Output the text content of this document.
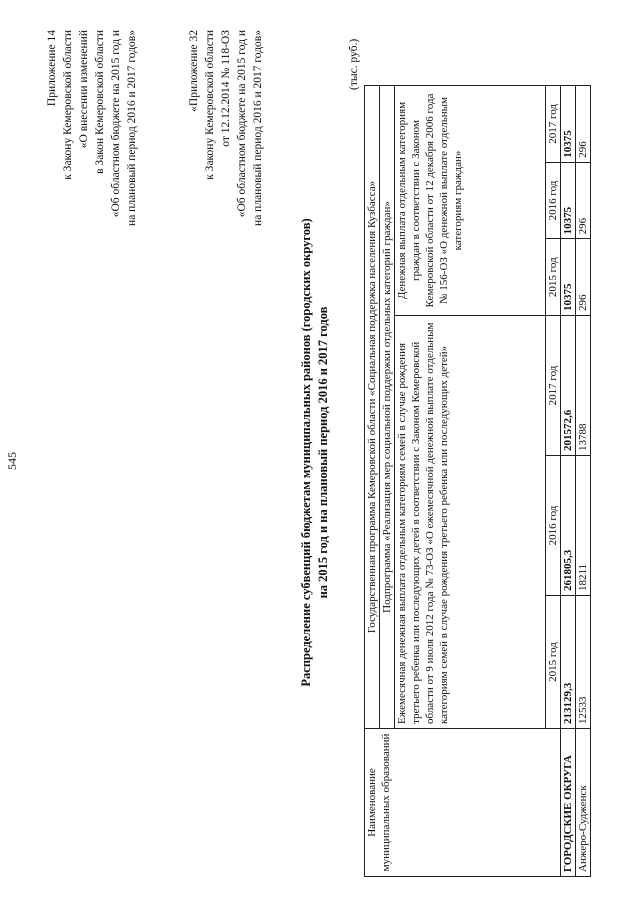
545
Приложение 14 к Закону Кемеровской области «О внесении изменений в Закон Кемеровской области «Об областном бюджете на 2015 год и на плановый период 2016 и 2017 годов»	«Приложение 32 к Закону Кемеровской области от 12.12.2014 № 118-ОЗ «Об областном бюджете на 2015 год и на плановый период 2016 и 2017 годов»
Распределение субвенций бюджетам муниципальных районов (городских округов) на 2015 год и на плановый период 2016 и 2017 годов
(тыс. руб.)
Наименование муниципальных образований	Государственная программа Кемеровской области «Социальная поддержка населения Кузбасса»					
	Подпрограмма «Реализация мер социальной поддержки отдельных категорий граждан»					
	Ежемесячная денежная выплата отдельным категориям семей в случае рождения третьего ребенка или последующих детей в соответствии с Законом Кемеровской области от 9 июля 2012 года № 73-ОЗ «О ежемесячной денежной выплате отдельным категориям семей в случае рождения третьего ребенка или последующих детей»			Денежная выплата отдельным категориям граждан в соответствии с Законом Кемеровской области от 12 декабря 2006 года № 156-ОЗ «О денежной выплате отдельным категориям граждан»		
	2015 год	2016 год	2017 год	2015 год	2016 год	2017 год
ГОРОДСКИЕ ОКРУГА	213129,3	261805,3	201572,6	10375	10375	10375
Анжеро-Судженск	12533	18211	13788	296	296	296
